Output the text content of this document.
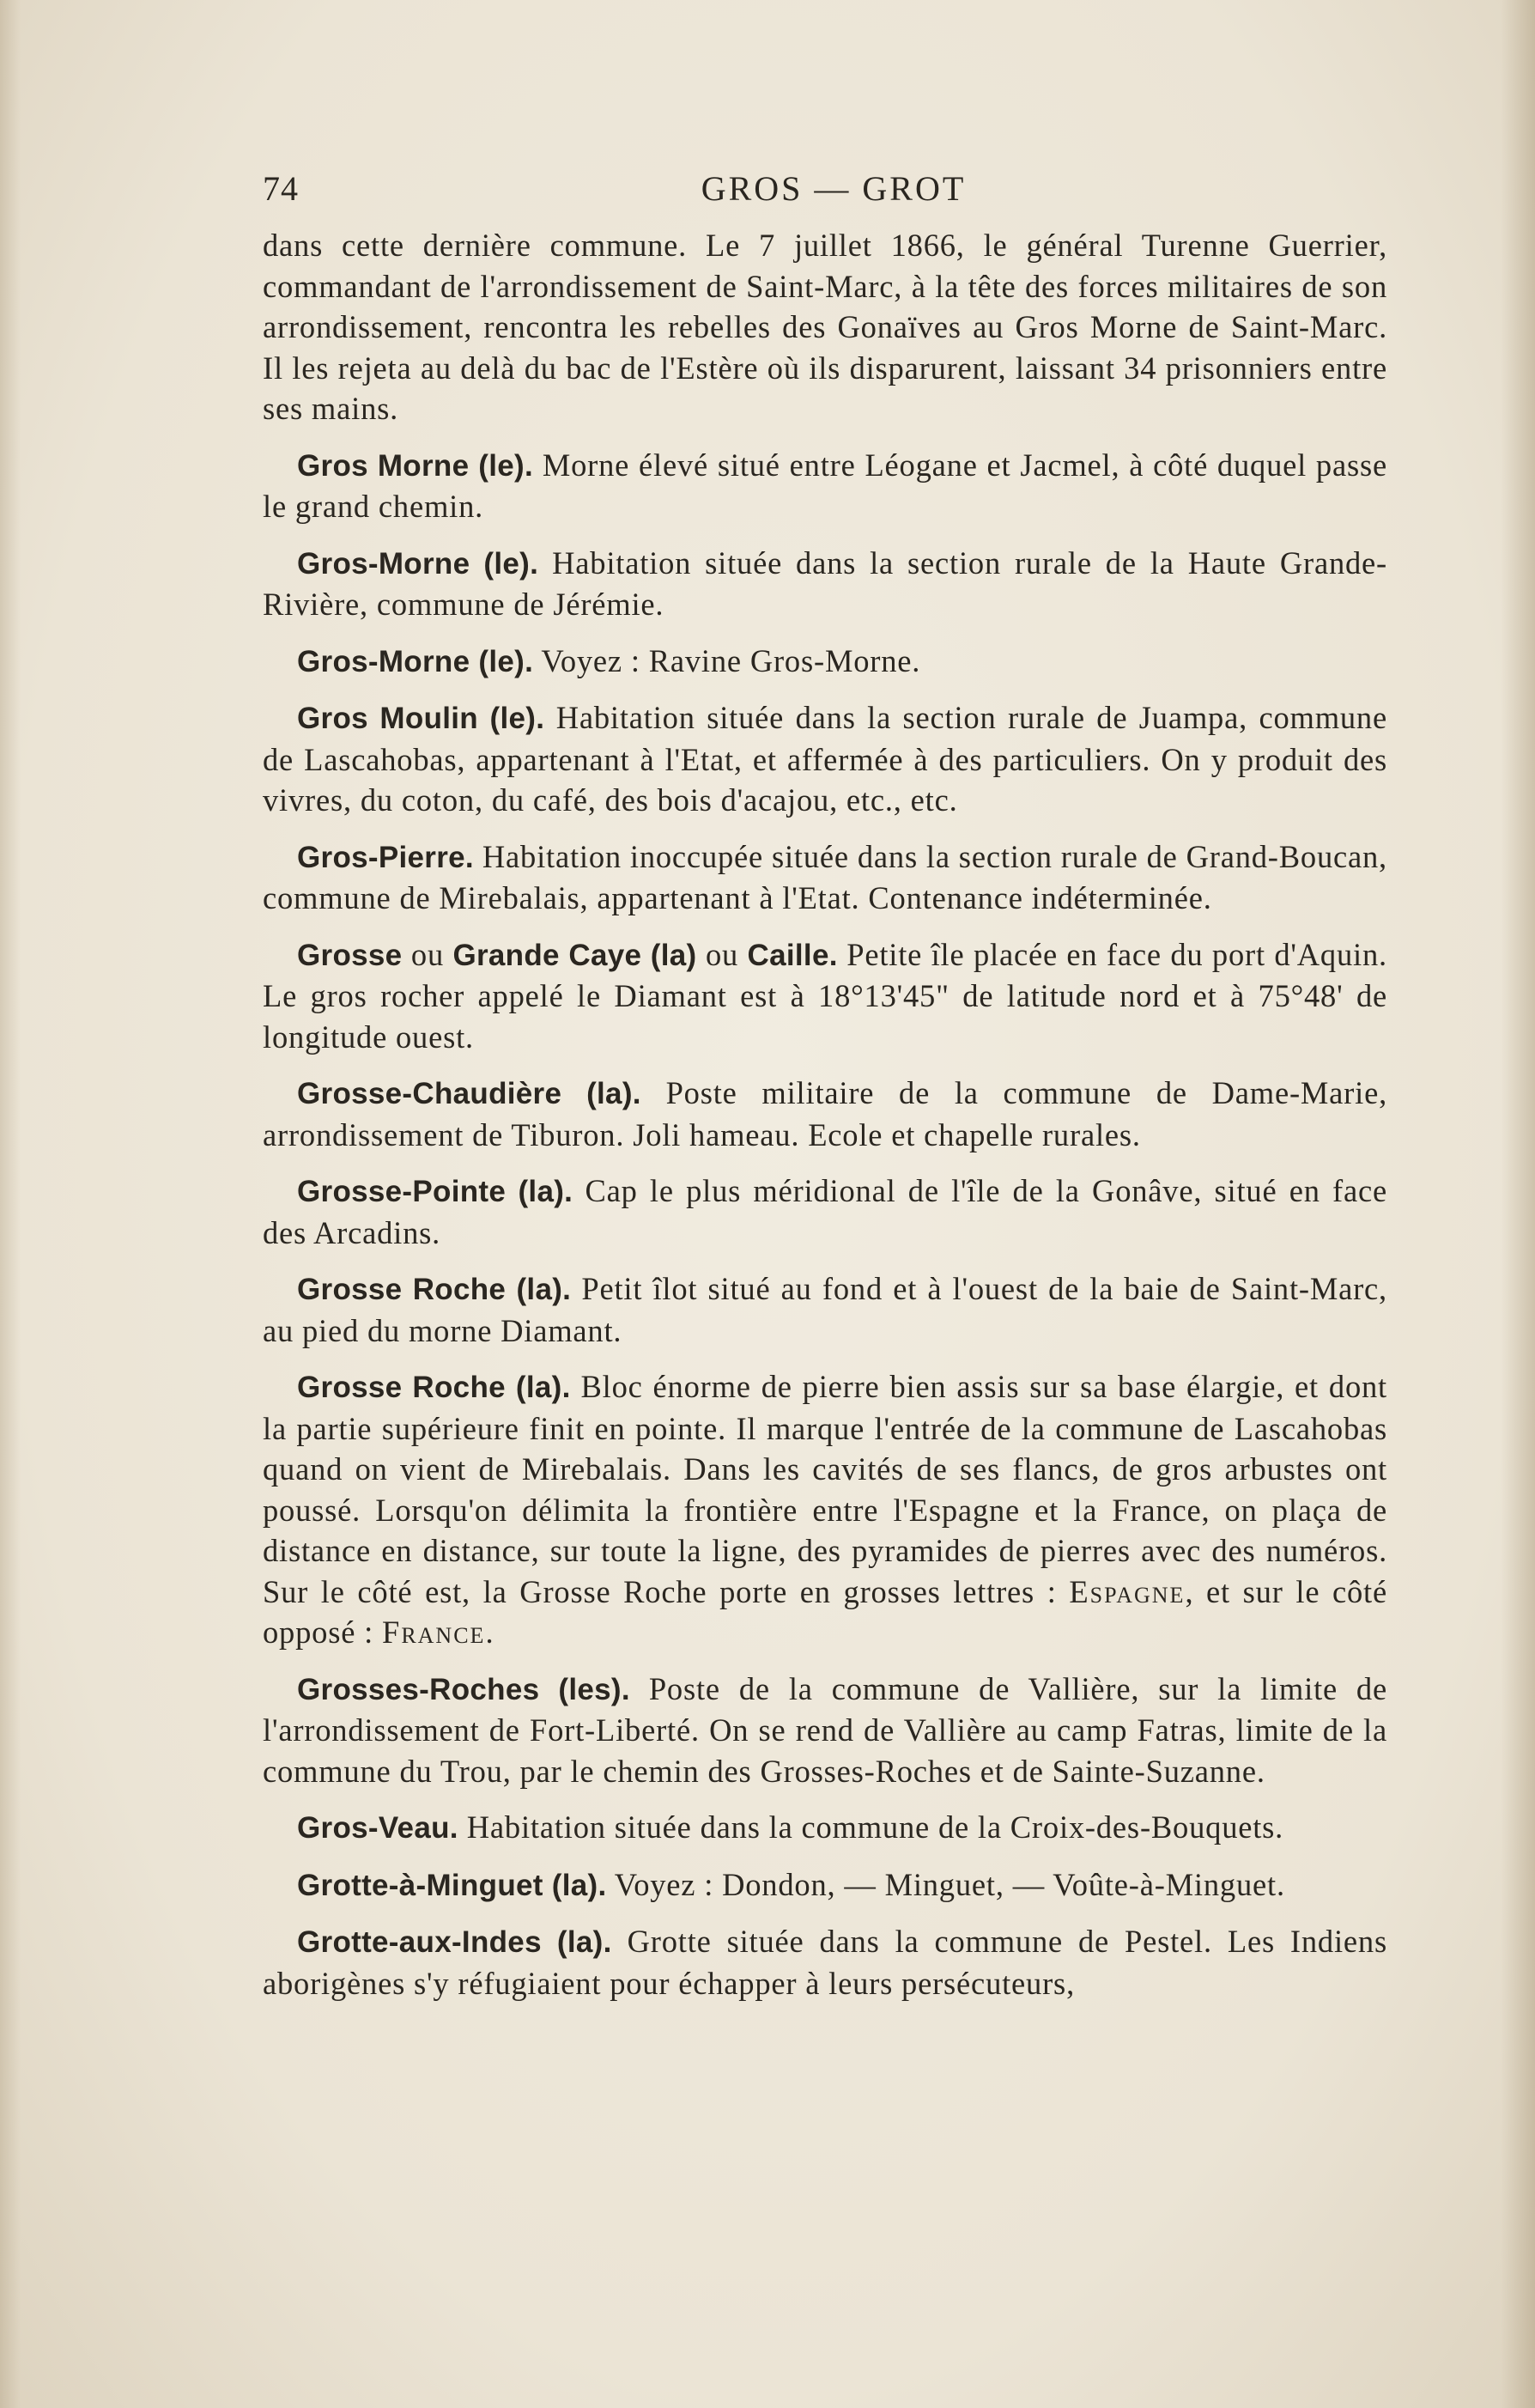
74	GROS — GROT

dans cette dernière commune. Le 7 juillet 1866, le général Turenne Guerrier, commandant de l'arrondissement de Saint-Marc, à la tête des forces militaires de son arrondissement, rencontra les rebelles des Gonaïves au Gros Morne de Saint-Marc. Il les rejeta au delà du bac de l'Estère où ils disparurent, laissant 34 prisonniers entre ses mains.

Gros Morne (le). Morne élevé situé entre Léogane et Jacmel, à côté duquel passe le grand chemin.

Gros-Morne (le). Habitation située dans la section rurale de la Haute Grande-Rivière, commune de Jérémie.

Gros-Morne (le). Voyez : Ravine Gros-Morne.

Gros Moulin (le). Habitation située dans la section rurale de Juampa, commune de Lascahobas, appartenant à l'Etat, et affermée à des particuliers. On y produit des vivres, du coton, du café, des bois d'acajou, etc., etc.

Gros-Pierre. Habitation inoccupée située dans la section rurale de Grand-Boucan, commune de Mirebalais, appartenant à l'Etat. Contenance indéterminée.

Grosse ou Grande Caye (la) ou Caille. Petite île placée en face du port d'Aquin. Le gros rocher appelé le Diamant est à 18°13'45" de latitude nord et à 75°48' de longitude ouest.

Grosse-Chaudière (la). Poste militaire de la commune de Dame-Marie, arrondissement de Tiburon. Joli hameau. Ecole et chapelle rurales.

Grosse-Pointe (la). Cap le plus méridional de l'île de la Gonâve, situé en face des Arcadins.

Grosse Roche (la). Petit îlot situé au fond et à l'ouest de la baie de Saint-Marc, au pied du morne Diamant.

Grosse Roche (la). Bloc énorme de pierre bien assis sur sa base élargie, et dont la partie supérieure finit en pointe. Il marque l'entrée de la commune de Lascahobas quand on vient de Mirebalais. Dans les cavités de ses flancs, de gros arbustes ont poussé. Lorsqu'on délimita la frontière entre l'Espagne et la France, on plaça de distance en distance, sur toute la ligne, des pyramides de pierres avec des numéros. Sur le côté est, la Grosse Roche porte en grosses lettres : Espagne, et sur le côté opposé : France.

Grosses-Roches (les). Poste de la commune de Vallière, sur la limite de l'arrondissement de Fort-Liberté. On se rend de Vallière au camp Fatras, limite de la commune du Trou, par le chemin des Grosses-Roches et de Sainte-Suzanne.

Gros-Veau. Habitation située dans la commune de la Croix-des-Bouquets.

Grotte-à-Minguet (la). Voyez : Dondon, — Minguet, — Voûte-à-Minguet.

Grotte-aux-Indes (la). Grotte située dans la commune de Pestel. Les Indiens aborigènes s'y réfugiaient pour échapper à leurs persécuteurs,
